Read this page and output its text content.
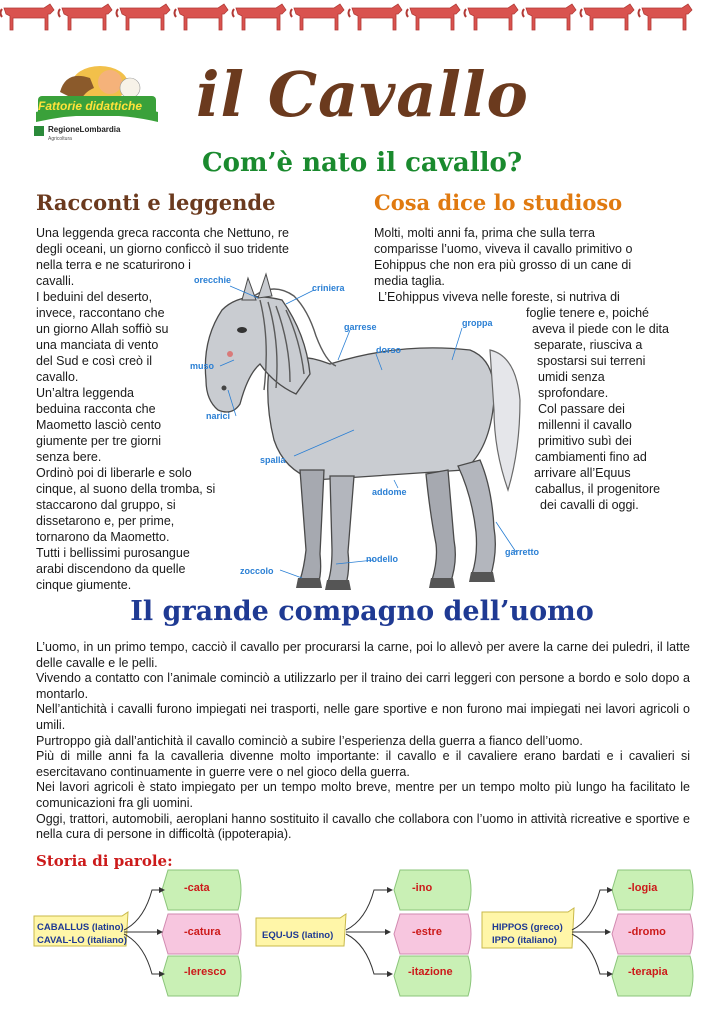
Fattorie didattiche
RegioneLombardia
Agricoltura
il Cavallo
Com’è nato il cavallo?
Racconti e leggende	Cosa dice lo studioso
Una leggenda greca racconta che Nettuno, re
degli oceani, un giorno conficcò il suo tridente
nella terra e ne scaturirono i
cavalli.
I beduini del deserto,
invece, raccontano che
un giorno Allah soffiò su
una manciata di vento
del Sud e così creò il
cavallo.
Un’altra leggenda
beduina racconta che
Maometto lasciò cento
giumente per tre giorni
senza bere.
Ordinò poi di liberarle e solo
cinque, al suono della tromba, si
staccarono dal gruppo, si
dissetarono e, per prime,
tornarono da Maometto.
Tutti i bellissimi purosangue
arabi discendono da quelle
cinque giumente.
Molti, molti anni fa, prima che sulla terra
comparisse l’uomo, viveva il cavallo primitivo o
Eohippus che non era più grosso di un cane di
media taglia.
L’Eohippus viveva nelle foreste, si nutriva di
foglie tenere e, poiché
aveva il piede con le dita
separate, riusciva a
spostarsi sui terreni
umidi senza
sprofondare.
Col passare dei
millenni il cavallo
primitivo subì dei
cambiamenti fino ad
arrivare all’Equus
caballus, il progenitore
dei cavalli di oggi.
orecchie
criniera
garrese	groppa
dorso
muso
narici
spalla
addome
garretto
nodello
zoccolo
Il grande compagno dell’uomo

L’uomo, in un primo tempo, cacciò il cavallo per procurarsi la carne, poi lo allevò per avere la carne dei puledri, il latte delle cavalle e le pelli.

Vivendo a contatto con l’animale cominciò a utilizzarlo per il traino dei carri leggeri con persone a bordo e solo dopo a montarlo.

Nell’antichità i cavalli furono impiegati nei trasporti, nelle gare sportive e non furono mai impiegati nei lavori agricoli o umili.

Purtroppo già dall’antichità il cavallo cominciò a subire l’esperienza della guerra a fianco dell’uomo.

Più di mille anni fa la cavalleria divenne molto importante: il cavallo e il cavaliere erano bardati e i cavalieri si esercitavano continuamente in guerre vere o nel gioco della guerra.

Nei lavori agricoli è stato impiegato per un tempo molto breve, mentre per un tempo molto più lungo ha facilitato le comunicazioni fra gli uomini.

Oggi, trattori, automobili, aeroplani hanno sostituito il cavallo che collabora con l’uomo in attività ricreative e sportive e nella cura di persone in difficoltà (ippoterapia).

Storia di parole:
CABALLUS (latino)
CAVAL-LO (italiano)
-cata
-catura
-leresco
EQU-US (latino)
-ino
-estre
-itazione
HIPPOS (greco)
IPPO (italiano)
-logia
-dromo
-terapia
